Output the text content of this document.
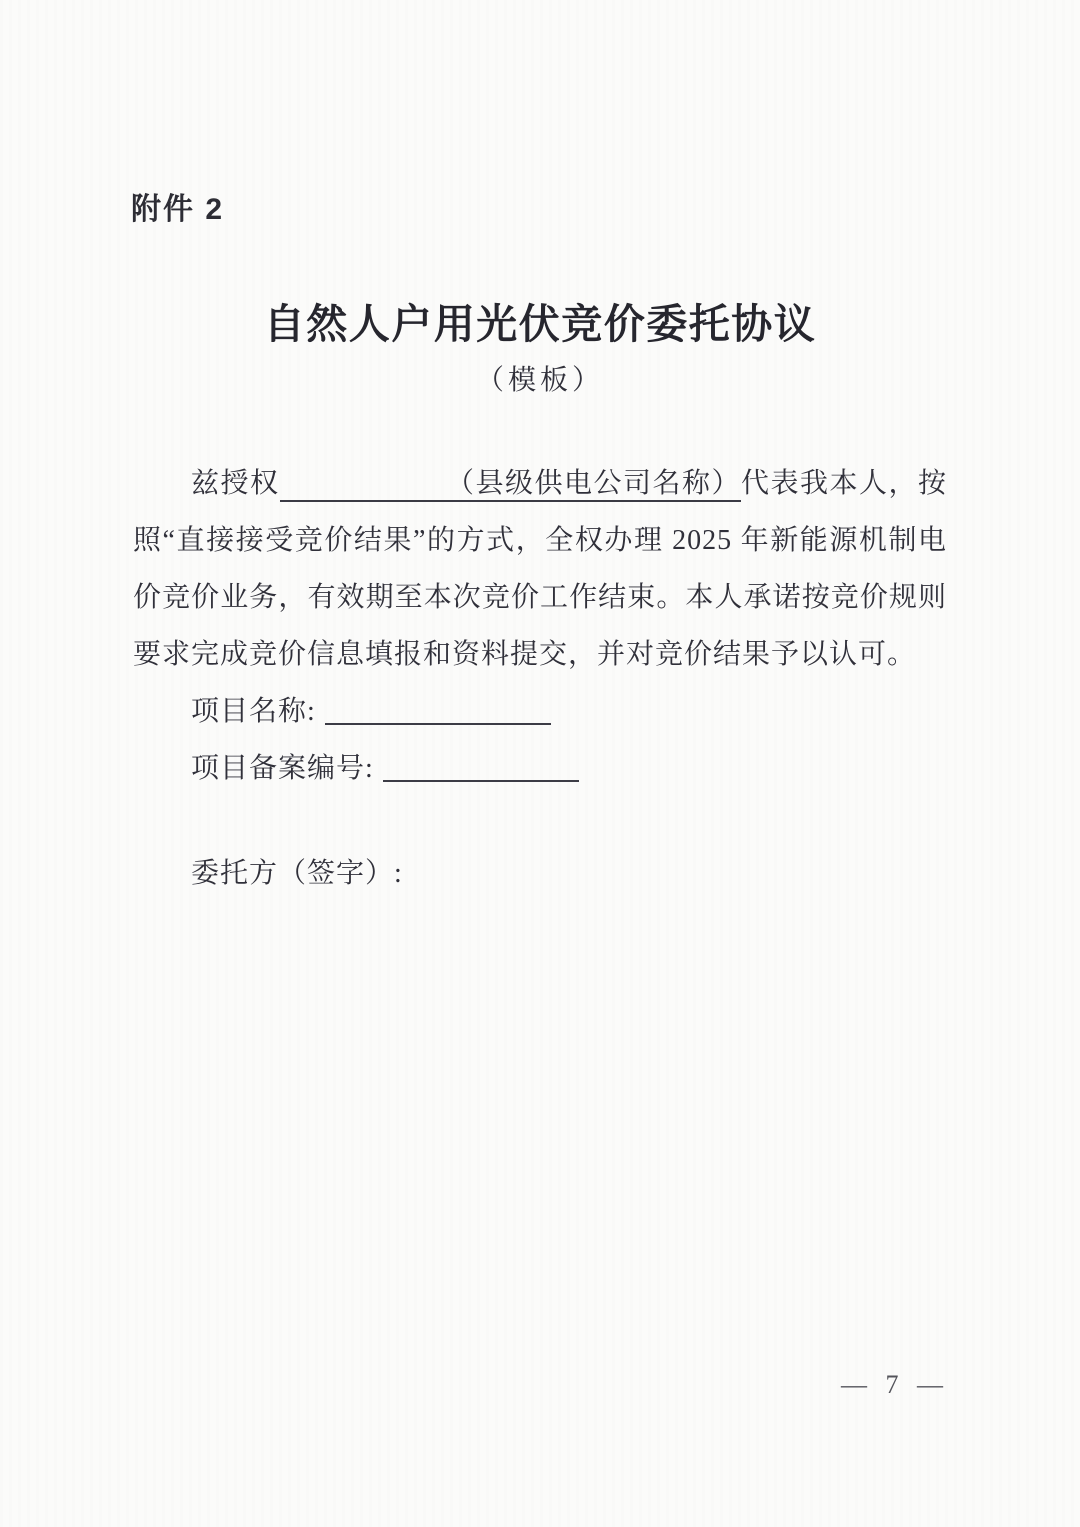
附件 2
自然人户用光伏竞价委托协议
（模板）
兹授权	（县级供电公司名称）代表我本人，按
照“直接接受竞价结果”的方式，全权办理 2025 年新能源机制电
价竞价业务，有效期至本次竞价工作结束。本人承诺按竞价规则
要求完成竞价信息填报和资料提交，并对竞价结果予以认可。
项目名称:
项目备案编号:
委托方（签字）:
— 7 —
